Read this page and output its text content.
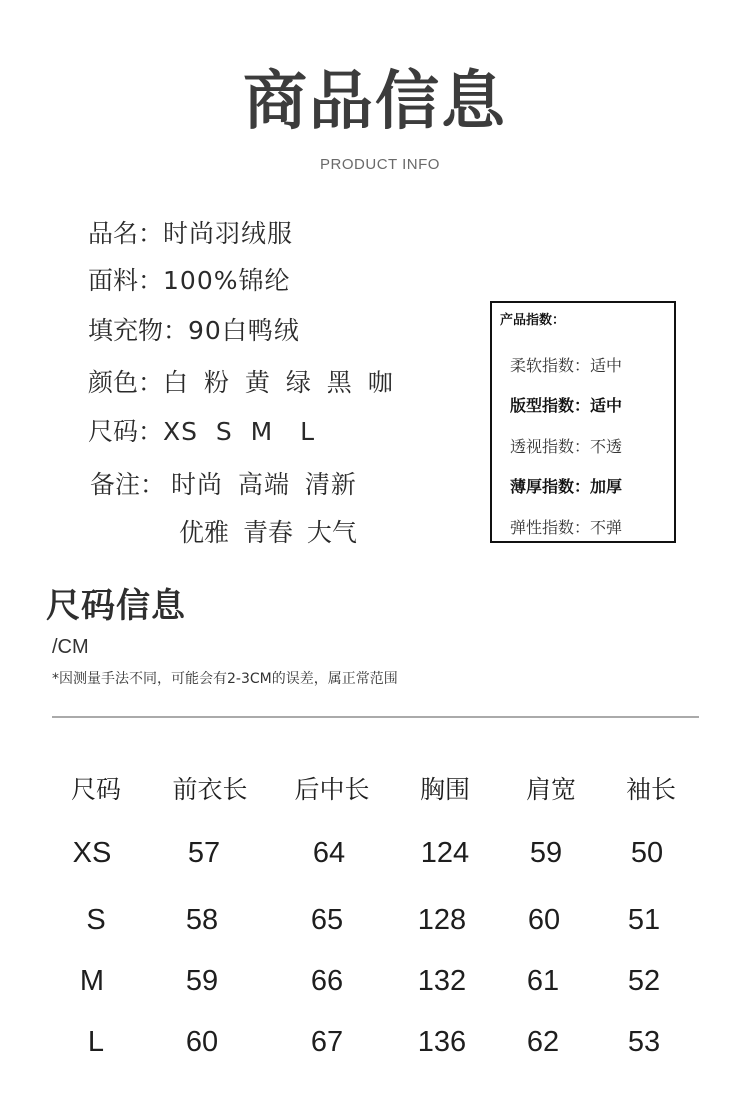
商品信息
PRODUCT INFO
品名：时尚羽绒服
面料：100%锦纶
填充物：90白鸭绒
颜色：白 粉 黄 绿 黑 咖
尺码：XS  S  M   L
备注： 时尚 高端 清新
优雅 青春 大气
产品指数：
柔软指数：适中
版型指数：适中
透视指数：不透
薄厚指数：加厚
弹性指数：不弹
尺码信息
/CM
*因测量手法不同，可能会有2-3CM的误差，属正常范围
尺码	前衣长	后中长	胸围	肩宽	袖长
XS	57	64	124	59	50
S	58	65	128	60	51
M	59	66	132	61	52
L	60	67	136	62	53
